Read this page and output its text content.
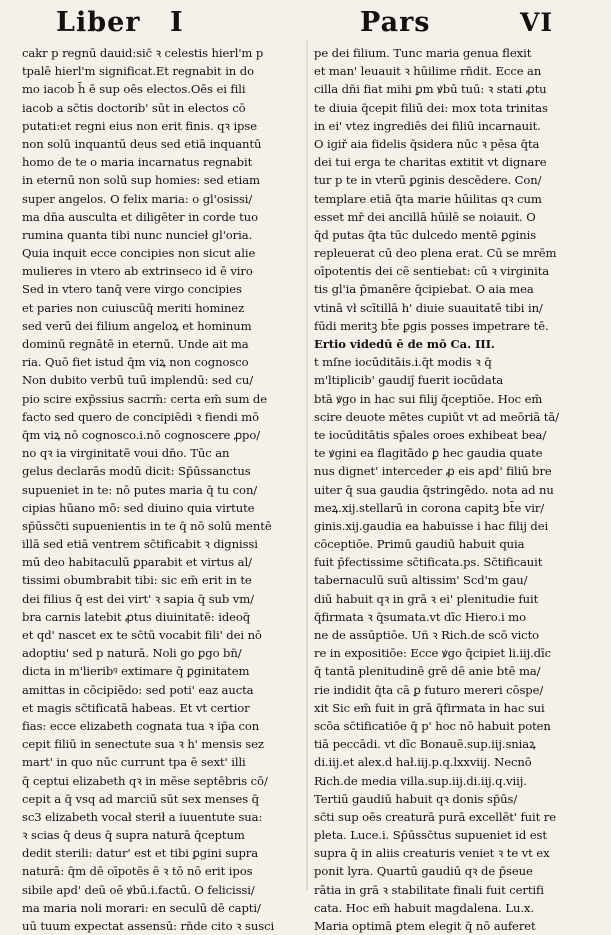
Liber I	Pars	VI
cakr p regnū dauid:sic̄ ꝛ celestis hierl'm p
tpalē hierl'm significat.Et regnabit in do
mo iacob h̄ ē sup oēs electos.Oēs ei fili
iacob a sc̄tis doctorib' sūt in electos cō
putati:et regni eius non erit finis. qꝛ ipse
non solū inquantū deus sed etiā inquantū
homo de te o maria incarnatus regnabit
in eternū non solū sup homies: sed etiam
super angelos. O felix maria: o gl'osissi/
ma dn̄a ausculta et diligēter in corde tuo
rumina quanta tibi nunc nuncieł gl'oria.
Quia inquit ecce concipies non sicut alie
mulieres in vtero ab extrinseco id ē viro
Sed in vtero tanq̄ vere virgo concipies
et paries non cuiuscūq̄ meriti hominez
sed verū dei filium angeloꝝ et hominum
dominū regnātē in eternū. Unde ait ma
ria. Quō fiet istud q̄m viꝝ non cognosco
Non dubito verbū tuū implendū: sed cu/
pio scire exp̄ssius sacrm̄: certa em̄ sum de
facto sed quero de concipiēdi ꝛ fiendi mō
q̄m viꝝ nō cognosco.i.nō cognoscere ꝓpo/
no qꝛ ia virginitatē voui dn̄o. Tūc an
gelus declarās modū dicit: Sp̄ūssanctus
supueniet in te: nō putes maria q̄ tu con/
cipias hūano mō: sed diuino quia virtute
sp̄ūssc̄ti supuenientis in te q̄ nō solū mentē
illā sed etiā ventrem sc̄tificabit ꝛ dignissi
mū deo habitaculū ꝑparabit et virtus al/
tissimi obumbrabit tibi: sic em̄ erit in te
dei filius q̄ est dei virt' ꝛ sapia q̄ sub vm/
bra carnis latebit ꝓtus diuinitatē: ideoq̄
et qd' nascet ex te sc̄tū vocabit fili' dei nō
adoptiu' sed p naturā. Noli go ꝑgo bn̄/
dicta in m'lieribꝰ extimare q̄ ꝑginitatem
amittas in cōcipiēdo: sed poti' eaz aucta
et magis sc̄tificatā habeas. Et vt certior
fias: ecce elizabeth cognata tua ꝛ ip̄a con
cepit filiū in senectute sua ꝛ h' mensis sez
mart' in quo nūc currunt tpa ē sext' illi
q̄ ceptui elizabeth qꝛ in mēse septēbris cō/
cepit a q̄ vsq ad marciū sūt sex menses q̄
sc3 elizabeth vocał sterił a iuuentute sua:
ꝛ scias q̄ deus q̄ supra naturā q̄ceptum
dedit sterili: datur' est et tibi ꝑgini supra
naturā: q̄m dē oīpotēs ē ꝛ tō nō erit ipos
sibile apd' deū oē ꝟbū.i.factū. O felicissi/
ma maria noli morari: en seculū dē capti/
uū tuum expectat assensū: rn̄de cito ꝛ susci
pe dei filium. Tunc maria genua flexit
et man' leuauit ꝛ hūilime rn̄dit. Ecce an
cilla dn̄i fiat mihi ꝑm ꝟbū tuū: ꝛ stati ꝓtu
te diuia q̄cepit filiū dei: mox tota trinitas
in ei' vtez ingrediēs dei filiū incarnauit.
O igiř aia fidelis q̄sidera nūc ꝛ pēsa q̄ta
dei tui erga te charitas extitit vt dignare
tur p te in vterū ꝑginis descēdere. Con/
templare etiā q̄ta marie hūilitas qꝛ cum
esset mr̄ dei ancillā hūilē se noiauit. O
q̄d putas q̄ta tūc dulcedo mentē ꝑginis
repleuerat cū deo plena erat. Cū se mrēm
oīpotentis dei cē sentiebat: cū ꝛ virginita
tis gl'ia p̄manēre q̄cipiebat. O aia mea
vtinā vł scītillā h' diuie suauitatē tibi in/
fūdi meritꝫ bt̄e ꝑgis posses impetrare tē.
Ertio videdū ē de mō Ca. III.
t mſne iocūditāis.i.q̄t modis ꝛ q̄
m'ltiplicib' gaudiȷ̄ fuerit iocūdata
btā ꝟgo in hac sui filij q̄ceptiōe. Hoc em̄
scire deuote mētes cupiūt vt ad meōriā tā/
te iocūditātis sp̄ales oroes exhibeat bea/
te ꝟgini ea flagitādo ꝑ hec gaudia quate
nus dignet' interceder ꝓ eis apd' filiū bre
uiter q̄ sua gaudia q̄stringēdo. nota ad nu
meꝝ.xij.stellarū in corona capitꝫ bt̄e vir/
ginis.xij.gaudia ea habuisse i hac filij dei
cōceptiōe. Primū gaudiū habuit quia
fuit p̄fectissime sc̄tificata.ps. Sc̄tificauit
tabernaculū suū altissim' Scd'm gau/
diū habuit qꝛ in grā ꝛ ei' plenitudie fuit
q̄firmata ꝛ q̄sumata.vt dīc Hiero.i mo
ne de assūptiōe. Uñ ꝛ Rich.de scō victo
re in expositiōe: Ecce ꝟgo q̄cipiet li.iij.dīc
q̄ tantā plenitudinē grē dē anie btē ma/
rie indidit q̄ta cā ꝑ futuro mereri cōspe/
xit Sic em̄ fuit in grā q̄firmata in hac sui
scōa sc̄tificatiōe q̄ p' hoc nō habuit poten
tiā peccādi. vt dīc Bonauē.sup.iij.sniaꝝ
di.iij.et alex.d hał.iij.p.q.lxxviij. Necnō
Rich.de media villa.sup.iij.di.iij.q.viij.
Tertiū gaudiū habuit qꝛ donis sp̄ūs/
sc̄ti sup oēs creaturā purā excellēt' fuit re
pleta. Luce.i. Sp̄ūssc̄tus supueniet id est
supra q̄ in aliis creaturis veniet ꝛ te vt ex
ponit lyra. Quartū gaudiū qꝛ de p̄seue
rātia in grā ꝛ stabilitate finali fuit certifi
cata. Hoc em̄ habuit magdalena. Lu.x.
Maria optimā ꝑtem elegit q̄ nō auferet
